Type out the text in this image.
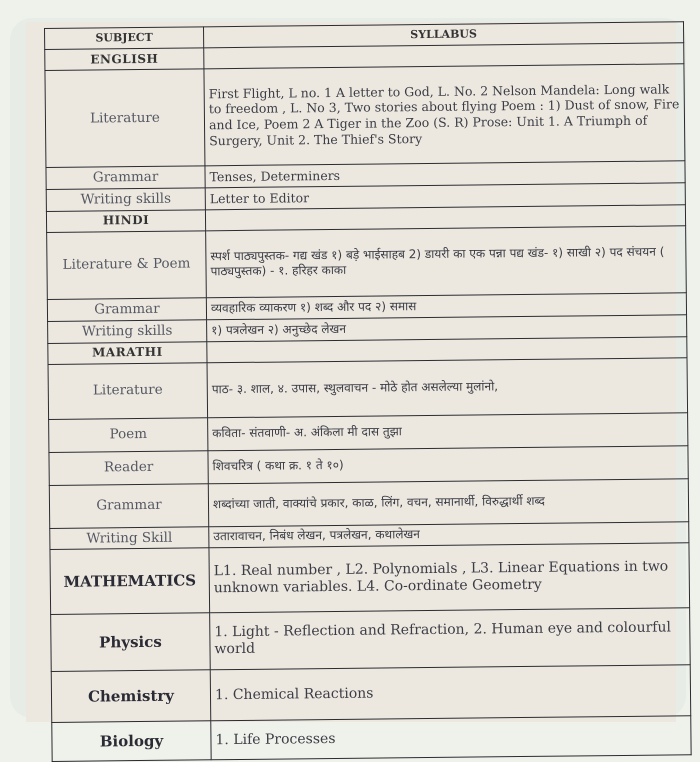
SUBJECT	SYLLABUS
ENGLISH	
Literature	First Flight, L no. 1 A letter to God, L. No. 2 Nelson Mandela: Long walk to freedom , L. No 3, Two stories about flying Poem : 1) Dust of snow, Fire and Ice, Poem 2 A Tiger in the Zoo (S. R) Prose: Unit 1. A Triumph of Surgery, Unit 2. The Thief's Story
Grammar	Tenses, Determiners
Writing skills	Letter to Editor
HINDI	
Literature & Poem	स्पर्श पाठ्यपुस्तक- गद्य खंड १) बड़े भाईसाहब 2) डायरी का एक पन्ना पद्य खंड- १) साखी २) पद संचयन ( पाठ्यपुस्तक) - १. हरिहर काका
Grammar	व्यवहारिक व्याकरण १) शब्द और पद २) समास
Writing skills	१) पत्रलेखन २) अनुच्छेद लेखन
MARATHI	
Literature	पाठ- ३. शाल, ४. उपास, स्थुलवाचन - मोठे होत असलेल्या मुलांनो,
Poem	कविता- संतवाणी- अ. अंकिला मी दास तुझा
Reader	शिवचरित्र ( कथा क्र. १ ते १०)
Grammar	शब्दांच्या जाती, वाक्यांचे प्रकार, काळ, लिंग, वचन, समानार्थी, विरुद्धार्थी शब्द
Writing Skill	उतारावाचन, निबंध लेखन, पत्रलेखन, कथालेखन
MATHEMATICS	L1. Real number , L2. Polynomials , L3. Linear Equations in two unknown variables. L4. Co-ordinate Geometry
Physics	1. Light - Reflection and Refraction, 2. Human eye and colourful world
Chemistry	1. Chemical Reactions
Biology	1. Life Processes
